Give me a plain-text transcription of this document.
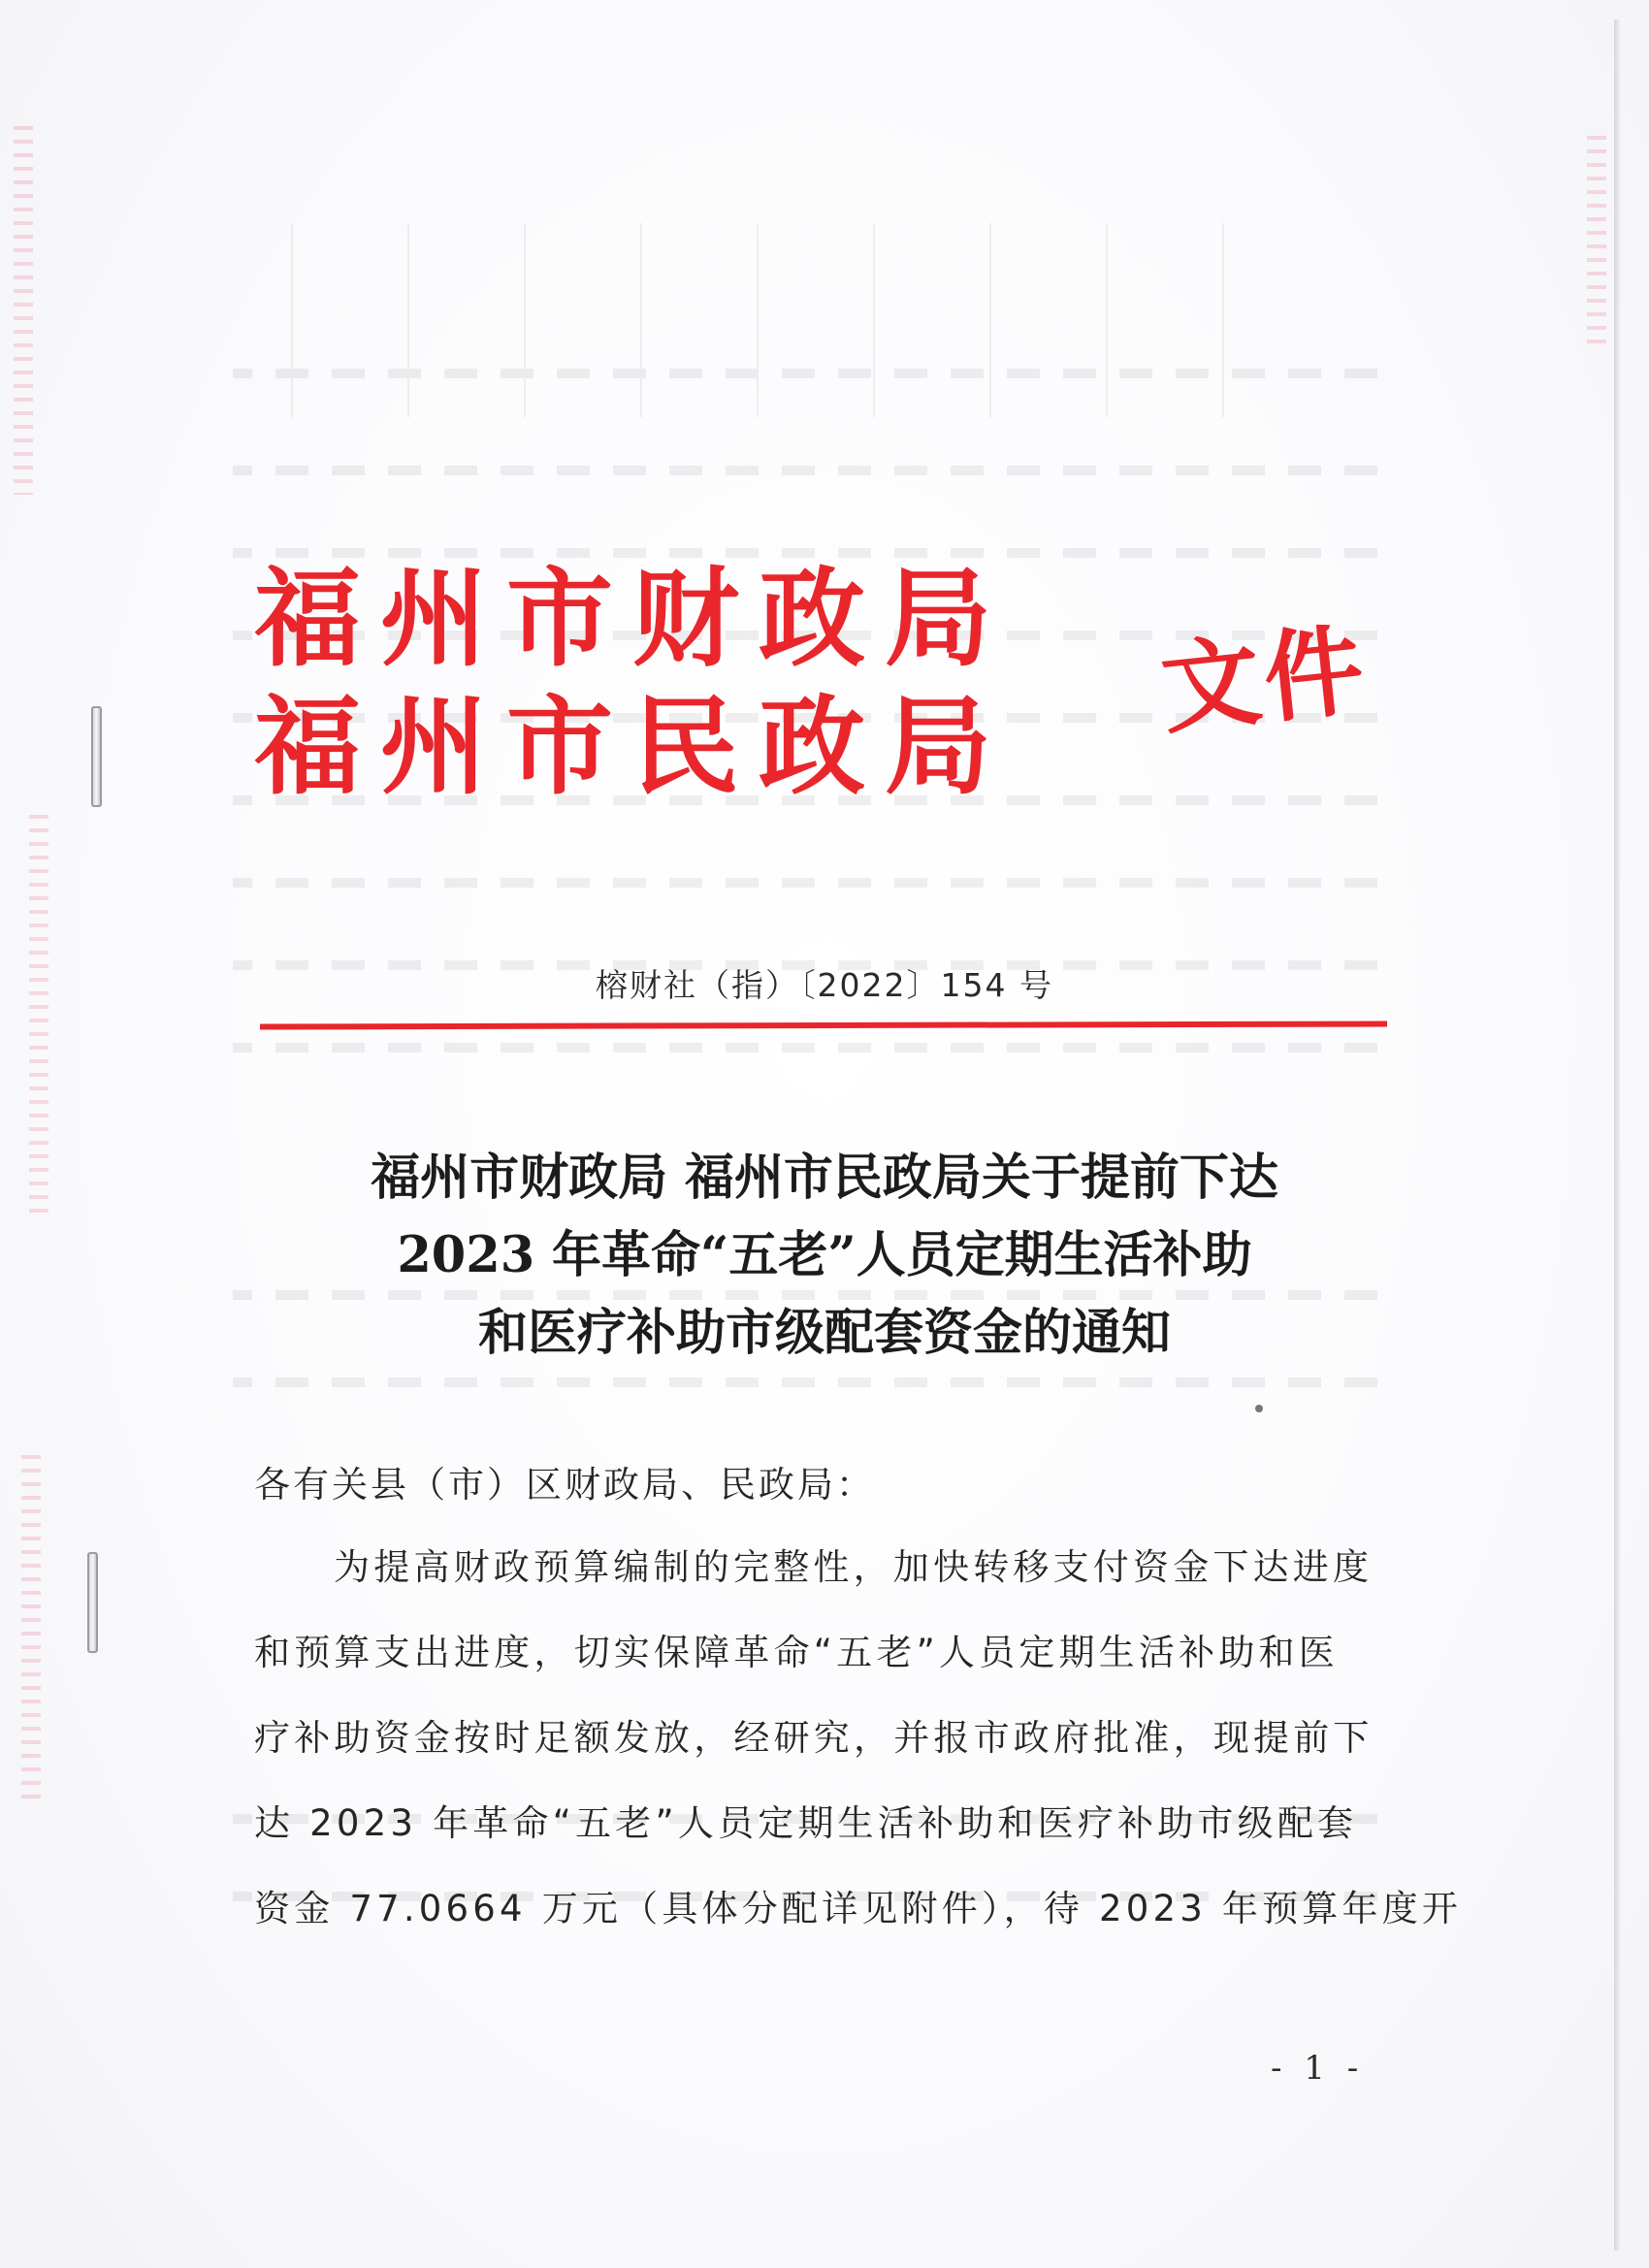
福州市财政局
福州市民政局 文件
榕财社（指）〔2022〕154 号
福州市财政局 福州市民政局关于提前下达
2023 年革命“五老”人员定期生活补助
和医疗补助市级配套资金的通知
各有关县（市）区财政局、民政局：
为提高财政预算编制的完整性，加快转移支付资金下达进度
和预算支出进度，切实保障革命“五老”人员定期生活补助和医
疗补助资金按时足额发放，经研究，并报市政府批准，现提前下
达 2023 年革命“五老”人员定期生活补助和医疗补助市级配套
资金 77.0664 万元（具体分配详见附件），待 2023 年预算年度开
- 1 -
